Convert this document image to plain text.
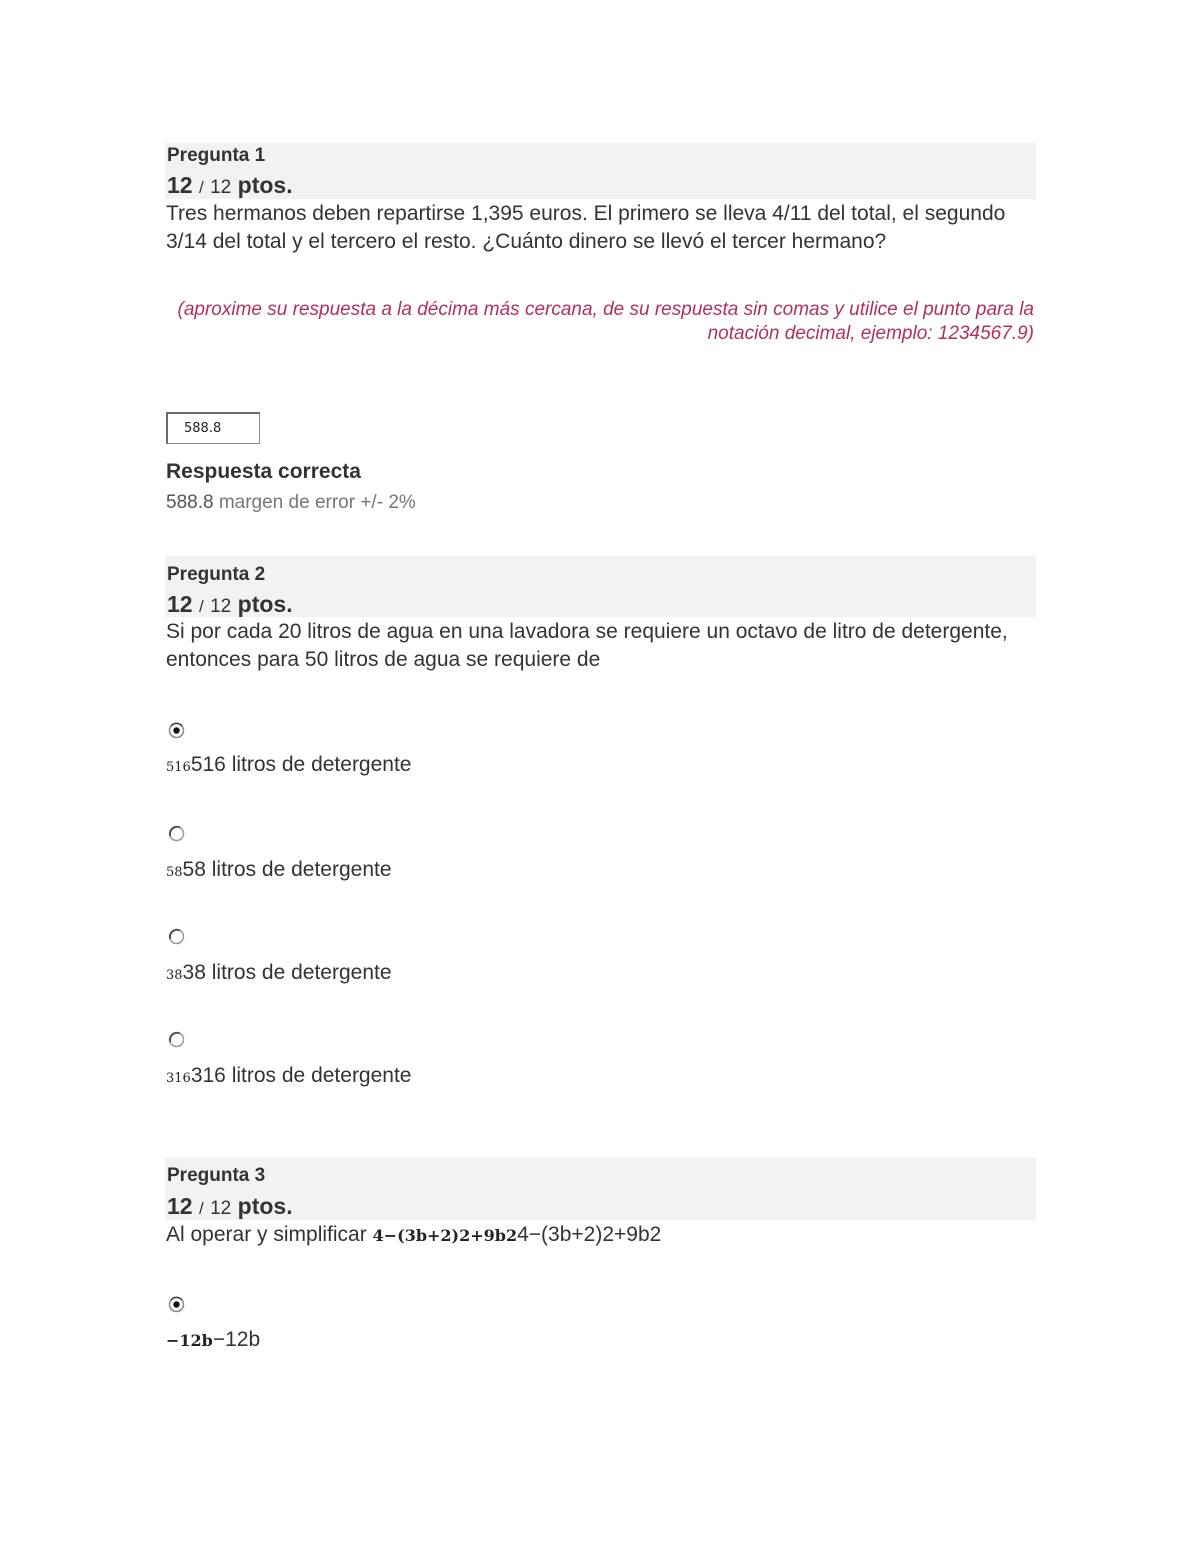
Pregunta 1
12 / 12 ptos.
Tres hermanos deben repartirse 1,395 euros. El primero se lleva 4/11 del total, el segundo 3/14 del total y el tercero el resto. ¿Cuánto dinero se llevó el tercer hermano?
(aproxime su respuesta a la décima más cercana, de su respuesta sin comas y utilice el punto para la notación decimal, ejemplo: 1234567.9)
588.8
Respuesta correcta
588.8 margen de error +/- 2%
Pregunta 2
12 / 12 ptos.
Si por cada 20 litros de agua en una lavadora se requiere un octavo de litro de detergente, entonces para 50 litros de agua se requiere de
516516 litros de detergente
5858 litros de detergente
3838 litros de detergente
316316 litros de detergente
Pregunta 3
12 / 12 ptos.
Al operar y simplificar 4−(3b+2)2+9b24−(3b+2)2+9b2
−12b−12b
